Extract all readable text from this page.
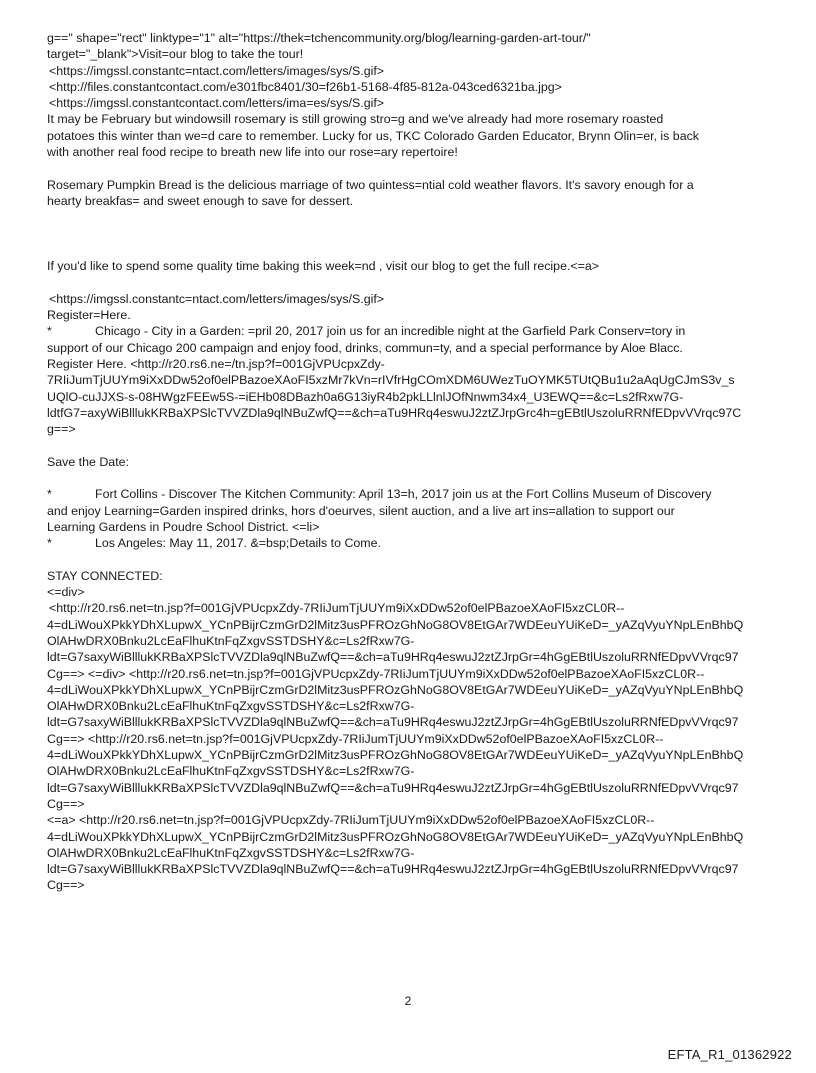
g==" shape="rect" linktype="1" alt="https://thek=tchencommunity.org/blog/learning-garden-art-tour/"
target="_blank">Visit=our blog to take the tour!
<https://imgssl.constantc=ntact.com/letters/images/sys/S.gif>
<http://files.constantcontact.com/e301fbc8401/30=f26b1-5168-4f85-812a-043ced6321ba.jpg>
<https://imgssl.constantcontact.com/letters/ima=es/sys/S.gif>
It may be February but windowsill rosemary is still growing stro=g and we've already had more rosemary roasted
potatoes this winter than we=d care to remember. Lucky for us, TKC Colorado Garden Educator, Brynn Olin=er, is back
with another real food recipe to breath new life into our rose=ary repertoire!
Rosemary Pumpkin Bread is the delicious marriage of two quintess=ntial cold weather flavors. It's savory enough for a
hearty breakfas= and sweet enough to save for dessert.
If you'd like to spend some quality time baking this week=nd , visit our blog to get the full recipe.<=a>
<https://imgssl.constantc=ntact.com/letters/images/sys/S.gif>
Register=Here.
*	Chicago - City in a Garden: =pril 20, 2017 join us for an incredible night at the Garfield Park Conserv=tory in
support of our Chicago 200 campaign and enjoy food, drinks, commun=ty, and a special performance by Aloe Blacc.
Register Here. <http://r20.rs6.ne=/tn.jsp?f=001GjVPUcpxZdy-
7RIiJumTjUUYm9iXxDDw52of0elPBazoeXAoFI5xzMr7kVn=rIVfrHgCOmXDM6UWezTuOYMK5TUtQBu1u2aAqUgCJmS3v_s
UQlO-cuJJXS-s-08HWgzFEEw5S-=iEHb08DBazh0a6G13iyR4b2pkLLlnlJOfNnwm34x4_U3EWQ==&c=Ls2fRxw7G-
ldtfG7=axyWiBlllukKRBaXPSlcTVVZDla9qlNBuZwfQ==&ch=aTu9HRq4eswuJ2ztZJrpGrc4h=gEBtlUszoluRRNfEDpvVVrqc97C
g==>
Save the Date:
*	Fort Collins - Discover The Kitchen Community: April 13=h, 2017 join us at the Fort Collins Museum of Discovery
and enjoy Learning=Garden inspired drinks, hors d'oeurves, silent auction, and a live art ins=allation to support our
Learning Gardens in Poudre School District. <=li>
*	Los Angeles: May 11, 2017. &=bsp;Details to Come.
STAY CONNECTED:
<=div>
<http://r20.rs6.net=tn.jsp?f=001GjVPUcpxZdy-7RIiJumTjUUYm9iXxDDw52of0elPBazoeXAoFI5xzCL0R--
4=dLiWouXPkkYDhXLupwX_YCnPBijrCzmGrD2lMitz3usPFROzGhNoG8OV8EtGAr7WDEeuYUiKeD=_yAZqVyuYNpLEnBhbQ
OlAHwDRX0Bnku2LcEaFlhuKtnFqZxgvSSTDSHY&c=Ls2fRxw7G-
ldt=G7saxyWiBlllukKRBaXPSlcTVVZDla9qlNBuZwfQ==&ch=aTu9HRq4eswuJ2ztZJrpGr=4hGgEBtlUszoluRRNfEDpvVVrqc97
Cg==> <=div> <http://r20.rs6.net=tn.jsp?f=001GjVPUcpxZdy-7RIiJumTjUUYm9iXxDDw52of0elPBazoeXAoFI5xzCL0R--
4=dLiWouXPkkYDhXLupwX_YCnPBijrCzmGrD2lMitz3usPFROzGhNoG8OV8EtGAr7WDEeuYUiKeD=_yAZqVyuYNpLEnBhbQ
OlAHwDRX0Bnku2LcEaFlhuKtnFqZxgvSSTDSHY&c=Ls2fRxw7G-
ldt=G7saxyWiBlllukKRBaXPSlcTVVZDla9qlNBuZwfQ==&ch=aTu9HRq4eswuJ2ztZJrpGr=4hGgEBtlUszoluRRNfEDpvVVrqc97
Cg==> <http://r20.rs6.net=tn.jsp?f=001GjVPUcpxZdy-7RIiJumTjUUYm9iXxDDw52of0elPBazoeXAoFI5xzCL0R--
4=dLiWouXPkkYDhXLupwX_YCnPBijrCzmGrD2lMitz3usPFROzGhNoG8OV8EtGAr7WDEeuYUiKeD=_yAZqVyuYNpLEnBhbQ
OlAHwDRX0Bnku2LcEaFlhuKtnFqZxgvSSTDSHY&c=Ls2fRxw7G-
ldt=G7saxyWiBlllukKRBaXPSlcTVVZDla9qlNBuZwfQ==&ch=aTu9HRq4eswuJ2ztZJrpGr=4hGgEBtlUszoluRRNfEDpvVVrqc97
Cg==>
<=a> <http://r20.rs6.net=tn.jsp?f=001GjVPUcpxZdy-7RIiJumTjUUYm9iXxDDw52of0elPBazoeXAoFI5xzCL0R--
4=dLiWouXPkkYDhXLupwX_YCnPBijrCzmGrD2lMitz3usPFROzGhNoG8OV8EtGAr7WDEeuYUiKeD=_yAZqVyuYNpLEnBhbQ
OlAHwDRX0Bnku2LcEaFlhuKtnFqZxgvSSTDSHY&c=Ls2fRxw7G-
ldt=G7saxyWiBlllukKRBaXPSlcTVVZDla9qlNBuZwfQ==&ch=aTu9HRq4eswuJ2ztZJrpGr=4hGgEBtlUszoluRRNfEDpvVVrqc97
Cg==>
2
EFTA_R1_01362922
